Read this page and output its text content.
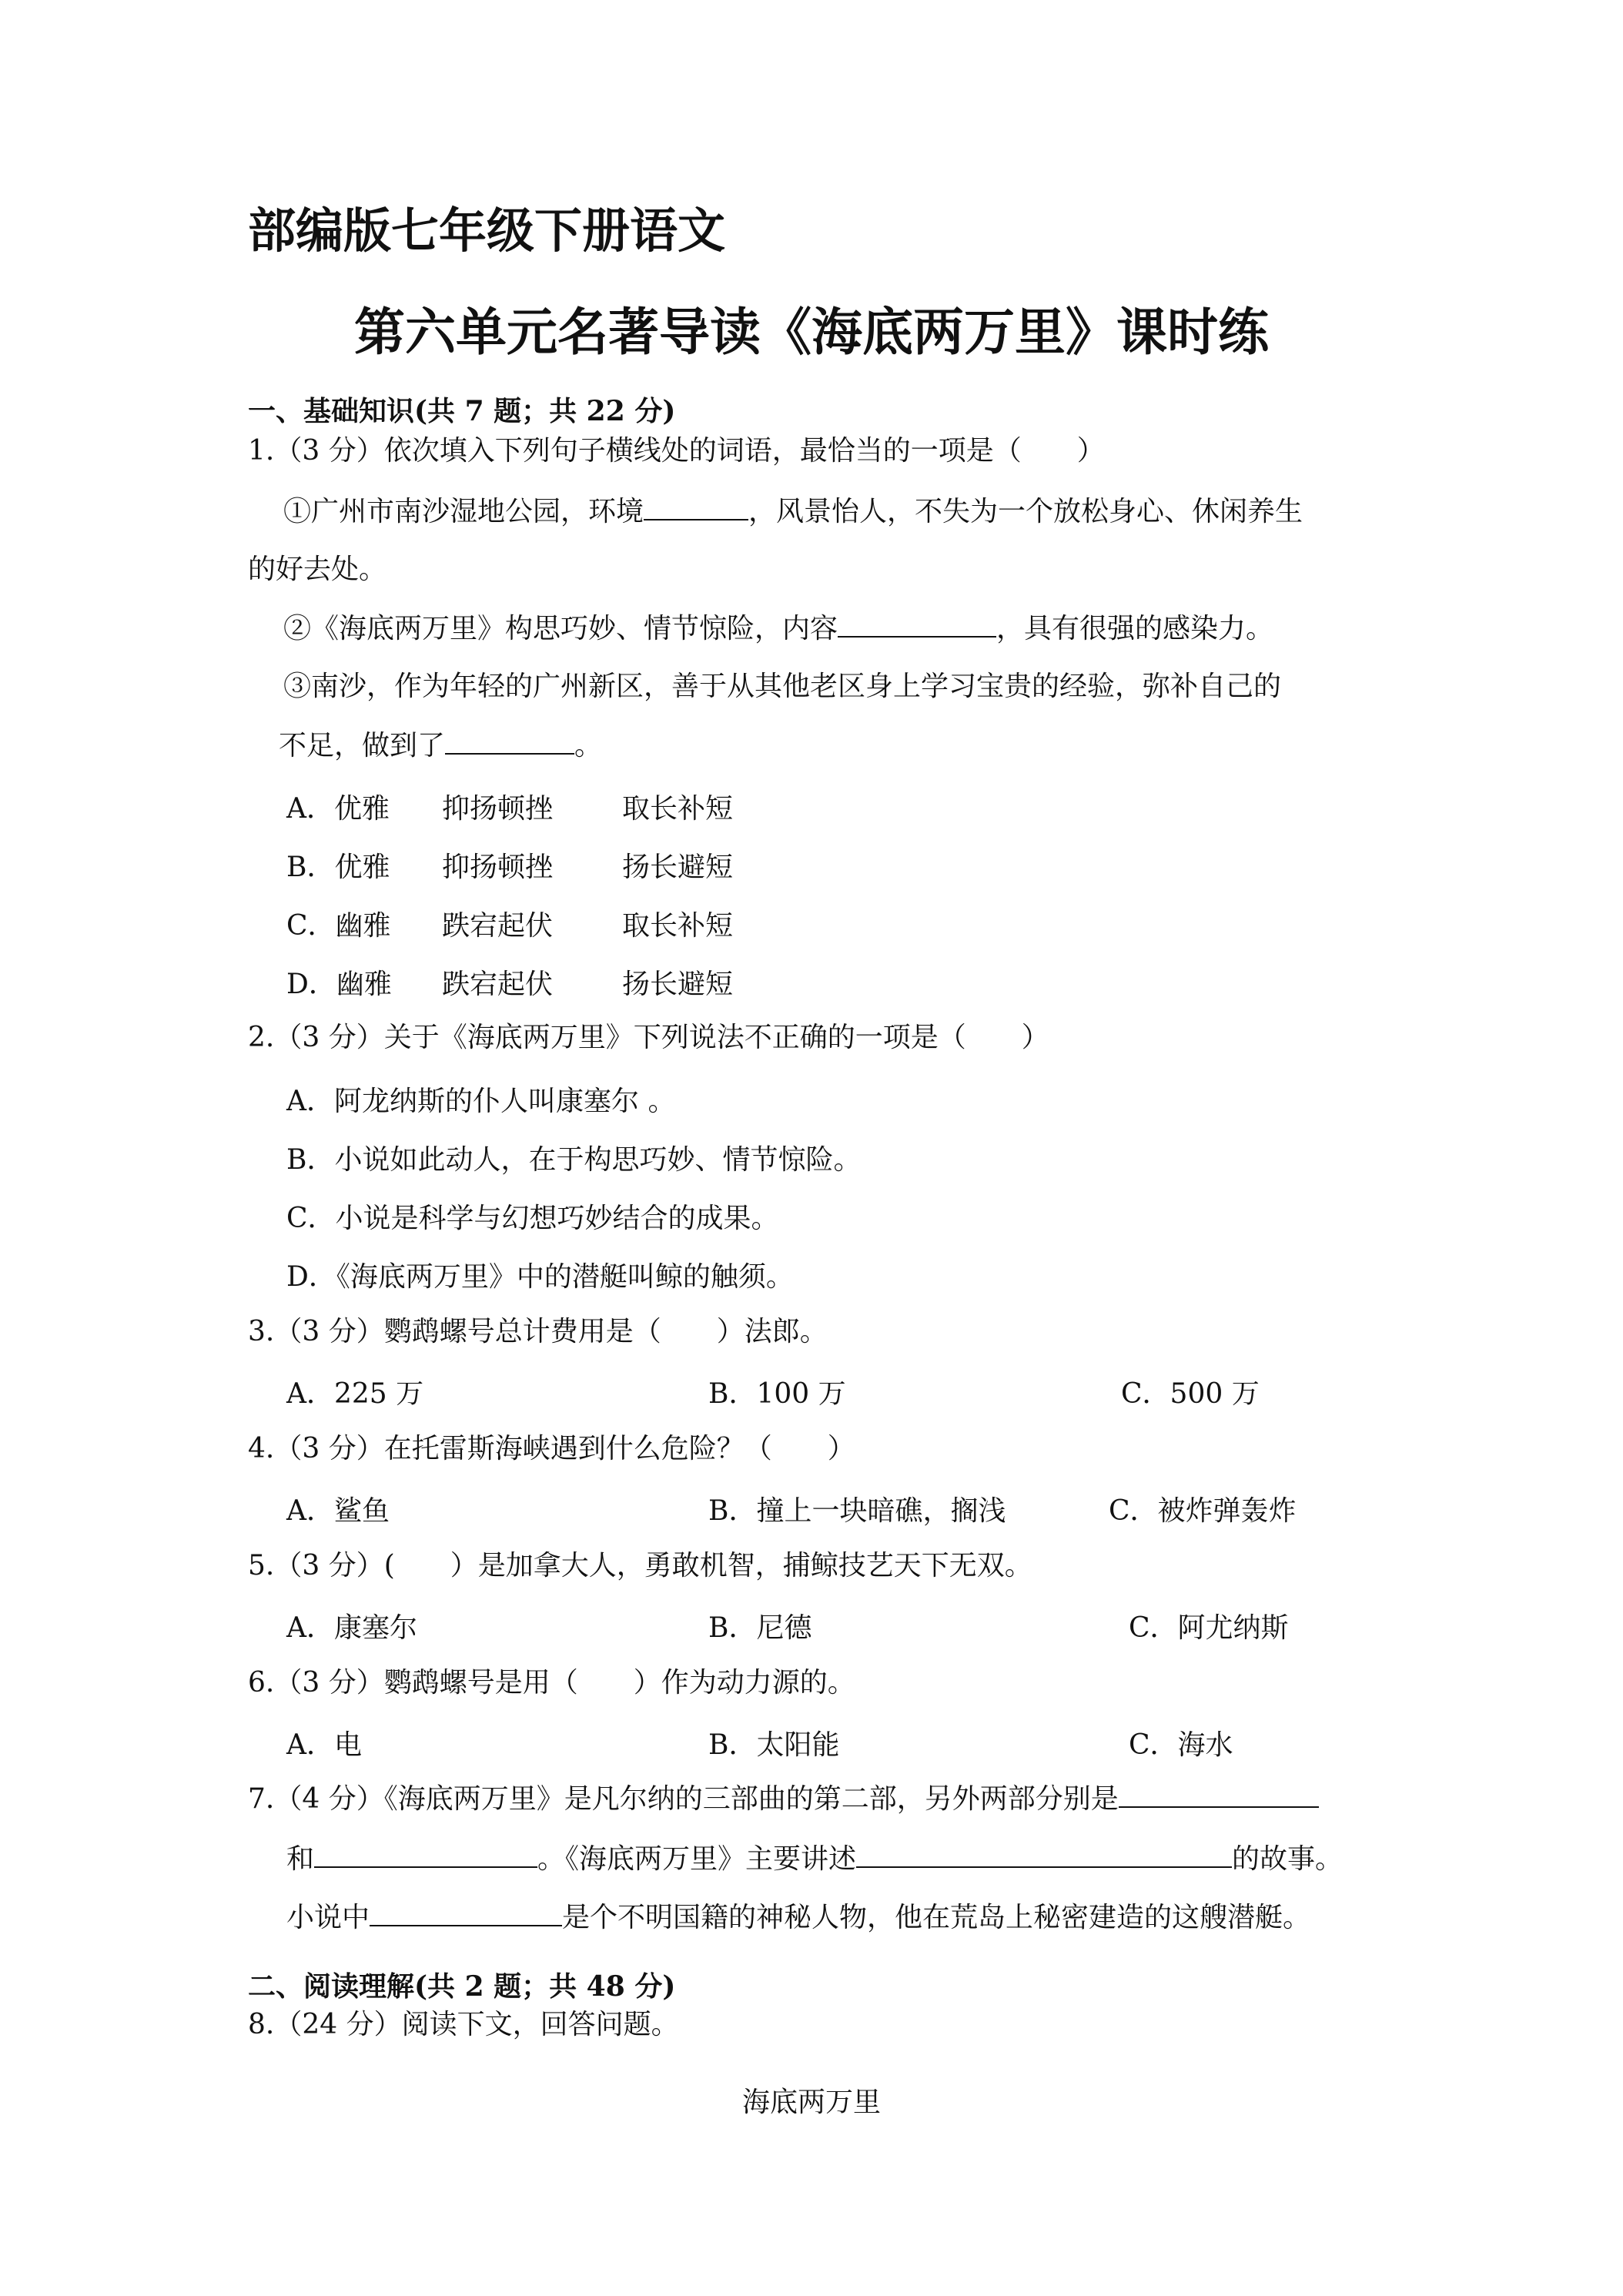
部编版七年级下册语文
第六单元名著导读《海底两万里》课时练
一、基础知识(共 7 题；共 22 分)
1.（3 分）依次填入下列句子横线处的词语，最恰当的一项是（　　）
①广州市南沙湿地公园，环境	，风景怡人，不失为一个放松身心、休闲养生
的好去处。
②《海底两万里》构思巧妙、情节惊险，内容	，具有很强的感染力。
③南沙，作为年轻的广州新区，善于从其他老区身上学习宝贵的经验，弥补自己的
不足，做到了	。
A．优雅 抑扬顿挫 取长补短
B．优雅 抑扬顿挫 扬长避短
C．幽雅 跌宕起伏 取长补短
D．幽雅 跌宕起伏 扬长避短
2.（3 分）关于《海底两万里》下列说法不正确的一项是（　　）
A．阿龙纳斯的仆人叫康塞尔 。
B．小说如此动人，在于构思巧妙、情节惊险。
C．小说是科学与幻想巧妙结合的成果。
D．《海底两万里》中的潜艇叫鲸的触须。
3.（3 分）鹦鹉螺号总计费用是（　　）法郎。
A．225 万	B．100 万	C．500 万
4.（3 分）在托雷斯海峡遇到什么危险？（　　）
A．鲨鱼	B．撞上一块暗礁，搁浅	C．被炸弹轰炸
5.（3 分）(　　）是加拿大人，勇敢机智，捕鲸技艺天下无双。
A．康塞尔	B．尼德	C．阿尤纳斯
6.（3 分）鹦鹉螺号是用（　　）作为动力源的。
A．电	B．太阳能	C．海水
7.（4 分）《海底两万里》是凡尔纳的三部曲的第二部，另外两部分别是
和	。《海底两万里》主要讲述	的故事。
小说中	是个不明国籍的神秘人物，他在荒岛上秘密建造的这艘潜艇。
二、阅读理解(共 2 题；共 48 分)
8.（24 分）阅读下文，回答问题。
海底两万里
